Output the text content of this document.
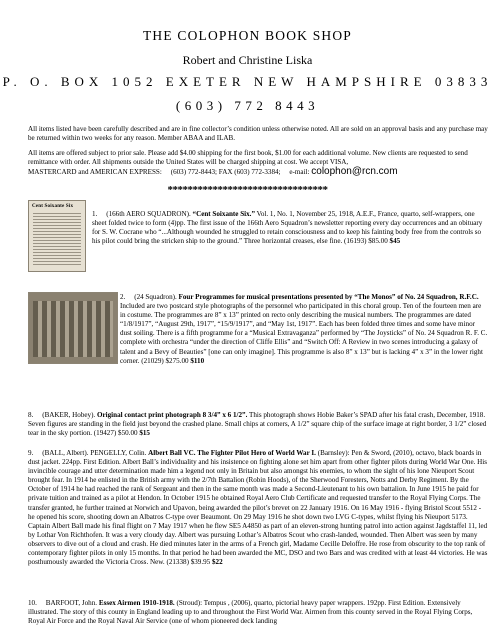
THE COLOPHON BOOK SHOP
Robert and Christine Liska
P. O. BOX 1052 EXETER NEW HAMPSHIRE 03833
(603) 772 8443
All items listed have been carefully described and are in fine collector’s condition unless otherwise noted. All are sold on an approval basis and any purchase may be returned within two weeks for any reason. Member ABAA and ILAB.
All items are offered subject to prior sale. Please add $4.00 shipping for the first book, $1.00 for each additional volume. New clients are requested to send remittance with order. All shipments outside the United States will be charged shipping at cost. We accept VISA,
MASTERCARD and AMERICAN EXPRESS: (603) 772-8443; FAX (603) 772-3384; e-mail: colophon@rcn.com
********************************
Cent Soixante Six
1. (166th AERO SQUADRON). “Cent Soixante Six.” Vol. 1, No. 1, November 25, 1918, A.E.F., France, quarto, self-wrappers, one sheet folded twice to form (4)pp. The first issue of the 166th Aero Squadron’s newsletter reporting every day occurrences and an obituary for S. W. Cocrane who “...Although wounded he struggled to retain consciousness and to keep his fainting body free from the controls so his pilot could bring the stricken ship to the ground.” Three horizontal creases, else fine. (16193) $85.00 $45
2. (24 Squadron). Four Programmes for musical presentations presented by “The Monos” of No. 24 Squadron, R.F.C. Included are two postcard style photographs of the personnel who participated in this choral group. Ten of the fourteen men are in costume. The programmes are 8” x 13” printed on recto only describing the musical numbers. The programmes are dated “1/8/1917”, “August 29th, 1917”, “15/9/1917”, and “May 1st, 1917”. Each has been folded three times and some have minor dust soiling. There is a fifth programme for a “Musical Extravaganza” performed by “The Joysticks” of No. 24 Squadron R. F. C. complete with orchestra “under the direction of Cliffe Ellis” and “Switch Off: A Review in two scenes introducing a galaxy of talent and a Bevy of Beauties” [one can only imagine]. This programme is also 8” x 13” but is lacking 4” x 3” in the lower right corner. (21029) $275.00 $110
8. (BAKER, Hobey). Original contact print photograph 8 3/4” x 6 1/2”. This photograph shows Hobie Baker’s SPAD after his fatal crash, December, 1918. Seven figures are standing in the field just beyond the crashed plane. Small chips at corners, A 1/2” square chip of the surface image at right border, 3 1/2” closed tear in the sky portion. (19427) $50.00 $15
9. (BALL, Albert). PENGELLY, Colin. Albert Ball VC. The Fighter Pilot Hero of World War I. (Barnsley): Pen & Sword, (2010), octavo, black boards in dust jacket. 224pp. First Edition. Albert Ball’s individuality and his insistence on fighting alone set him apart from other fighter pilots during World War One. His invincible courage and utter determination made him a legend not only in Britain but also amongst his enemies, to whom the sight of his lone Nieuport Scout brought fear. In 1914 he enlisted in the British army with the 2/7th Battalion (Robin Hoods), of the Sherwood Foresters, Notts and Derby Regiment. By the October of 1914 he had reached the rank of Sergeant and then in the same month was made a Second-Lieutenant to his own battalion. In June 1915 he paid for private tuition and trained as a pilot at Hendon. In October 1915 he obtained Royal Aero Club Certificate and requested transfer to the Royal Flying Corps. The transfer granted, he further trained at Norwich and Upavon, being awarded the pilot’s brevet on 22 January 1916. On 16 May 1916 - flying Bristol Scout 5512 - he opened his score, shooting down an Albatros C-type over Beaumont. On 29 May 1916 he shot down two LVG C-types, whilst flying his Nieuport 5173. Captain Albert Ball made his final flight on 7 May 1917 when he flew SE5 A4850 as part of an eleven-strong hunting patrol into action against Jagdstaffel 11, led by Lothar Von Richthofen. It was a very cloudy day. Albert was pursuing Lothar’s Albatros Scout who crash-landed, wounded. Then Albert was seen by many observers to dive out of a cloud and crash. He died minutes later in the arms of a French girl, Madame Cecille Deloffre. He rose from obscurity to the top rank of contemporary fighter pilots in only 15 months. In that period he had been awarded the MC, DSO and two Bars and was credited with at least 44 victories. He was posthumously awarded the Victoria Cross. New. (21338) $39.95 $22
10. BARFOOT, John. Essex Airmen 1910-1918. (Stroud): Tempus , (2006), quarto, pictorial heavy paper wrappers. 192pp. First Edition. Extensively illustrated. The story of this county in England leading up to and throughout the First World War. Airmen from this county served in the Royal Flying Corps, Royal Air Force and the Royal Naval Air Service (one of whom pioneered deck landing
